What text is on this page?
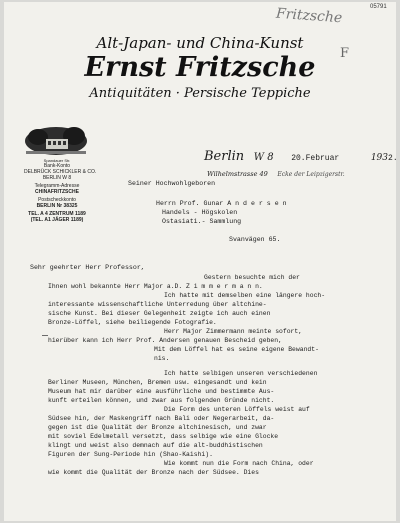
Fritzsche	05791
F
Alt-Japan- und China-Kunst
Ernst Fritzsche
Antiquitäten · Persische Teppiche
Spandauer Str.
Bank-Konto
DELBRÜCK SCHICKLER & CO.
BERLIN W 8
Telegramm-Adresse
CHINAFRITZSCHE
Postscheckkonto
BERLIN Nr 38325
TEL. A 4 ZENTRUM 1189
(TEL. A1 JÄGER 1189)
Berlin W 8 20.Februar	1932.
Wilhelmstrasse 49 Ecke der Leipzigerstr.
Seiner Hochwohlgeboren
Herrn Prof. Gunar A n d e r s e n
Handels - Högskolen
Ostasiati.- Sammlung
Svanvägen 65.
Sehr geehrter Herr Professor,
Gestern besuchte mich der
Ihnen wohl bekannte Herr Major a.D. Z i m m e r m a n n.
Ich hatte mit demselben eine längere hoch-
interessante wissenschaftliche Unterredung über altchinе-
sische Kunst. Bei dieser Gelegenheit zeigte ich auch einen
Bronze-Löffel, siehe beiliegende Fotografie.
Herr Major Zimmermann meinte sofort,
hierüber kann ich Herr Prof. Andersen genauen Bescheid geben,
Mit dem Löffel hat es seine eigene Bewandt-
nis.
Ich hatte selbigen unseren verschiedenen
Berliner Museen, München, Bremen usw. eingesandt und kein
Museum hat mir darüber eine ausführliche und bestimmte Aus-
kunft erteilen können, und zwar aus folgenden Gründe nicht.
Die Form des unteren Löffels weist auf
Südsee hin, der Maskengriff nach Bali oder Negerarbeit, da-
gegen ist die Qualität der Bronze altchinesisch, und zwar
mit soviel Edelmetall versetzt, dass selbige wie eine Glocke
klingt und weist also demnach auf die alt-buddhistischen
Figuren der Sung-Periode hin (Shao-Kaishi).
Wie kommt nun die Form nach China, oder
wie kommt die Qualität der Bronze nach der Südsee. Dies
